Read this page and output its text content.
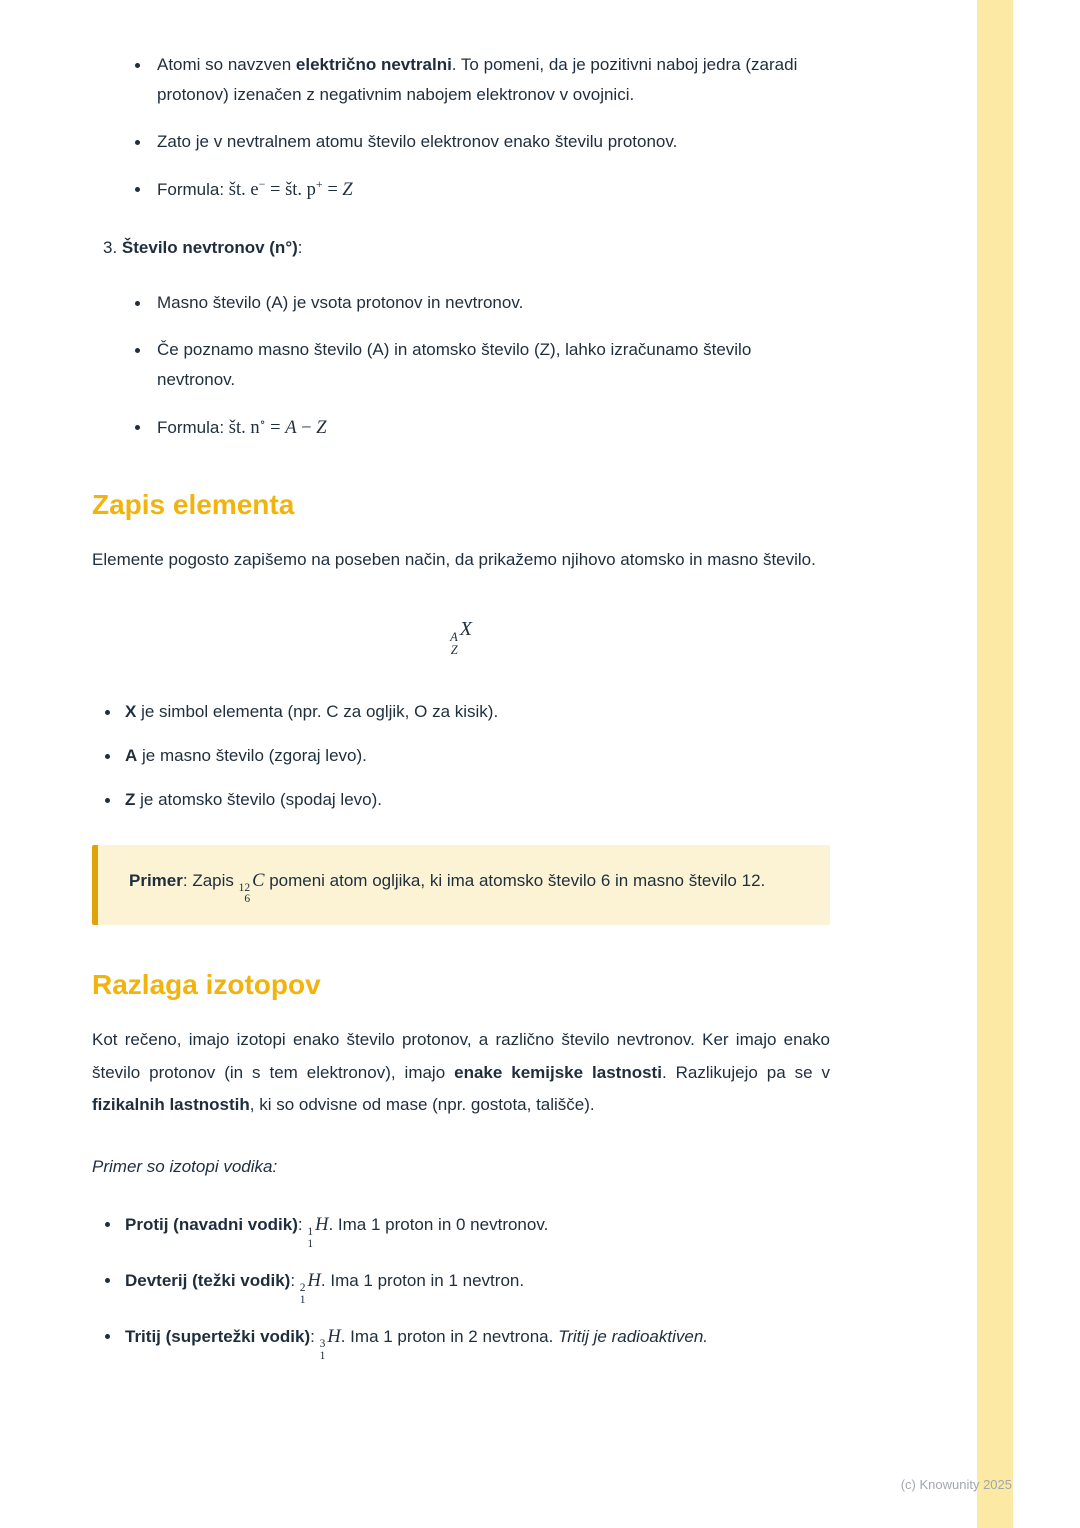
Atomi so navzven električno nevtralni. To pomeni, da je pozitivni naboj jedra (zaradi protonov) izenačen z negativnim nabojem elektronov v ovojnici.
Zato je v nevtralnem atomu število elektronov enako številu protonov.
Formula: št. e− = št. p+ = Z
3. Število nevtronov (n°):
Masno število (A) je vsota protonov in nevtronov.
Če poznamo masno število (A) in atomsko število (Z), lahko izračunamo število nevtronov.
Formula: št. n∘ = A − Z
Zapis elementa

Elemente pogosto zapišemo na poseben način, da prikažemo njihovo atomsko in masno število.

A
Z
X
X je simbol elementa (npr. C za ogljik, O za kisik).
A je masno število (zgoraj levo).
Z je atomsko število (spodaj levo).
Primer: Zapis 12
6
C pomeni atom ogljika, ki ima atomsko število 6 in masno število 12.
Razlaga izotopov

Kot rečeno, imajo izotopi enako število protonov, a različno število nevtronov. Ker imajo enako število protonov (in s tem elektronov), imajo enake kemijske lastnosti. Razlikujejo pa se v fizikalnih lastnostih, ki so odvisne od mase (npr. gostota, tališče).

Primer so izotopi vodika:

Protij (navadni vodik): 1
1
H. Ima 1 proton in 0 nevtronov.
Devterij (težki vodik): 2
1
H. Ima 1 proton in 1 nevtron.
Tritij (supertežki vodik): 3
1
H. Ima 1 proton in 2 nevtrona. Tritij je radioaktiven.
(c) Knowunity 2025
